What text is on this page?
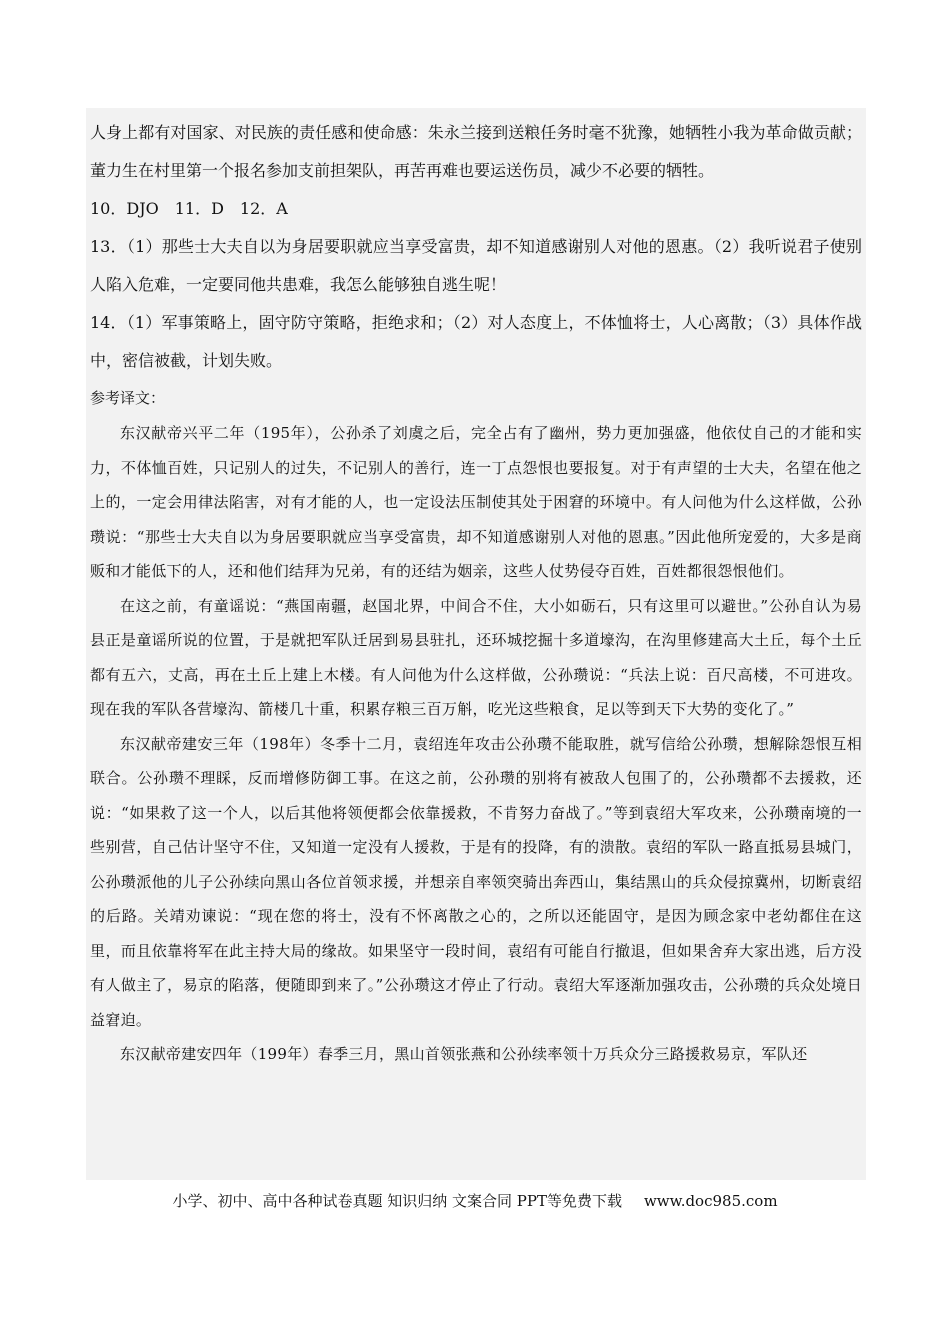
人身上都有对国家、对民族的责任感和使命感：朱永兰接到送粮任务时毫不犹豫，她牺牲小我为革命做贡献；董力生在村里第一个报名参加支前担架队，再苦再难也要运送伤员，减少不必要的牺牲。

10．DJO　11．D　12．A

13．（1）那些士大夫自以为身居要职就应当享受富贵，却不知道感谢别人对他的恩惠。（2）我听说君子使别人陷入危难，一定要同他共患难，我怎么能够独自逃生呢！

14．（1）军事策略上，固守防守策略，拒绝求和；（2）对人态度上，不体恤将士，人心离散；（3）具体作战中，密信被截，计划失败。

参考译文：

东汉献帝兴平二年（195年），公孙杀了刘虞之后，完全占有了幽州，势力更加强盛，他依仗自己的才能和实力，不体恤百姓，只记别人的过失，不记别人的善行，连一丁点怨恨也要报复。对于有声望的士大夫，名望在他之上的，一定会用律法陷害，对有才能的人，也一定设法压制使其处于困窘的环境中。有人问他为什么这样做，公孙瓒说：“那些士大夫自以为身居要职就应当享受富贵，却不知道感谢别人对他的恩惠。”因此他所宠爱的，大多是商贩和才能低下的人，还和他们结拜为兄弟，有的还结为姻亲，这些人仗势侵夺百姓，百姓都很怨恨他们。

在这之前，有童谣说：“燕国南疆，赵国北界，中间合不住，大小如砺石，只有这里可以避世。”公孙自认为易县正是童谣所说的位置，于是就把军队迁居到易县驻扎，还环城挖掘十多道壕沟，在沟里修建高大土丘，每个土丘都有五六，丈高，再在土丘上建上木楼。有人问他为什么这样做，公孙瓒说：“兵法上说：百尺高楼，不可进攻。现在我的军队各营壕沟、箭楼几十重，积累存粮三百万斛，吃光这些粮食，足以等到天下大势的变化了。”

东汉献帝建安三年（198年）冬季十二月，袁绍连年攻击公孙瓒不能取胜，就写信给公孙瓒，想解除怨恨互相联合。公孙瓒不理睬，反而增修防御工事。在这之前，公孙瓒的别将有被敌人包围了的，公孙瓒都不去援救，还说：“如果救了这一个人，以后其他将领便都会依靠援救，不肯努力奋战了。”等到袁绍大军攻来，公孙瓒南境的一些别营，自己估计坚守不住，又知道一定没有人援救，于是有的投降，有的溃散。袁绍的军队一路直抵易县城门，公孙瓒派他的儿子公孙续向黑山各位首领求援，并想亲自率领突骑出奔西山，集结黑山的兵众侵掠冀州，切断袁绍的后路。关靖劝谏说：“现在您的将士，没有不怀离散之心的，之所以还能固守，是因为顾念家中老幼都住在这里，而且依靠将军在此主持大局的缘故。如果坚守一段时间，袁绍有可能自行撤退，但如果舍弃大家出逃，后方没有人做主了，易京的陷落，便随即到来了。”公孙瓒这才停止了行动。袁绍大军逐渐加强攻击，公孙瓒的兵众处境日益窘迫。

东汉献帝建安四年（199年）春季三月，黑山首领张燕和公孙续率领十万兵众分三路援救易京，军队还

小学、初中、高中各种试卷真题 知识归纳 文案合同 PPT等免费下载 www.doc985.com
